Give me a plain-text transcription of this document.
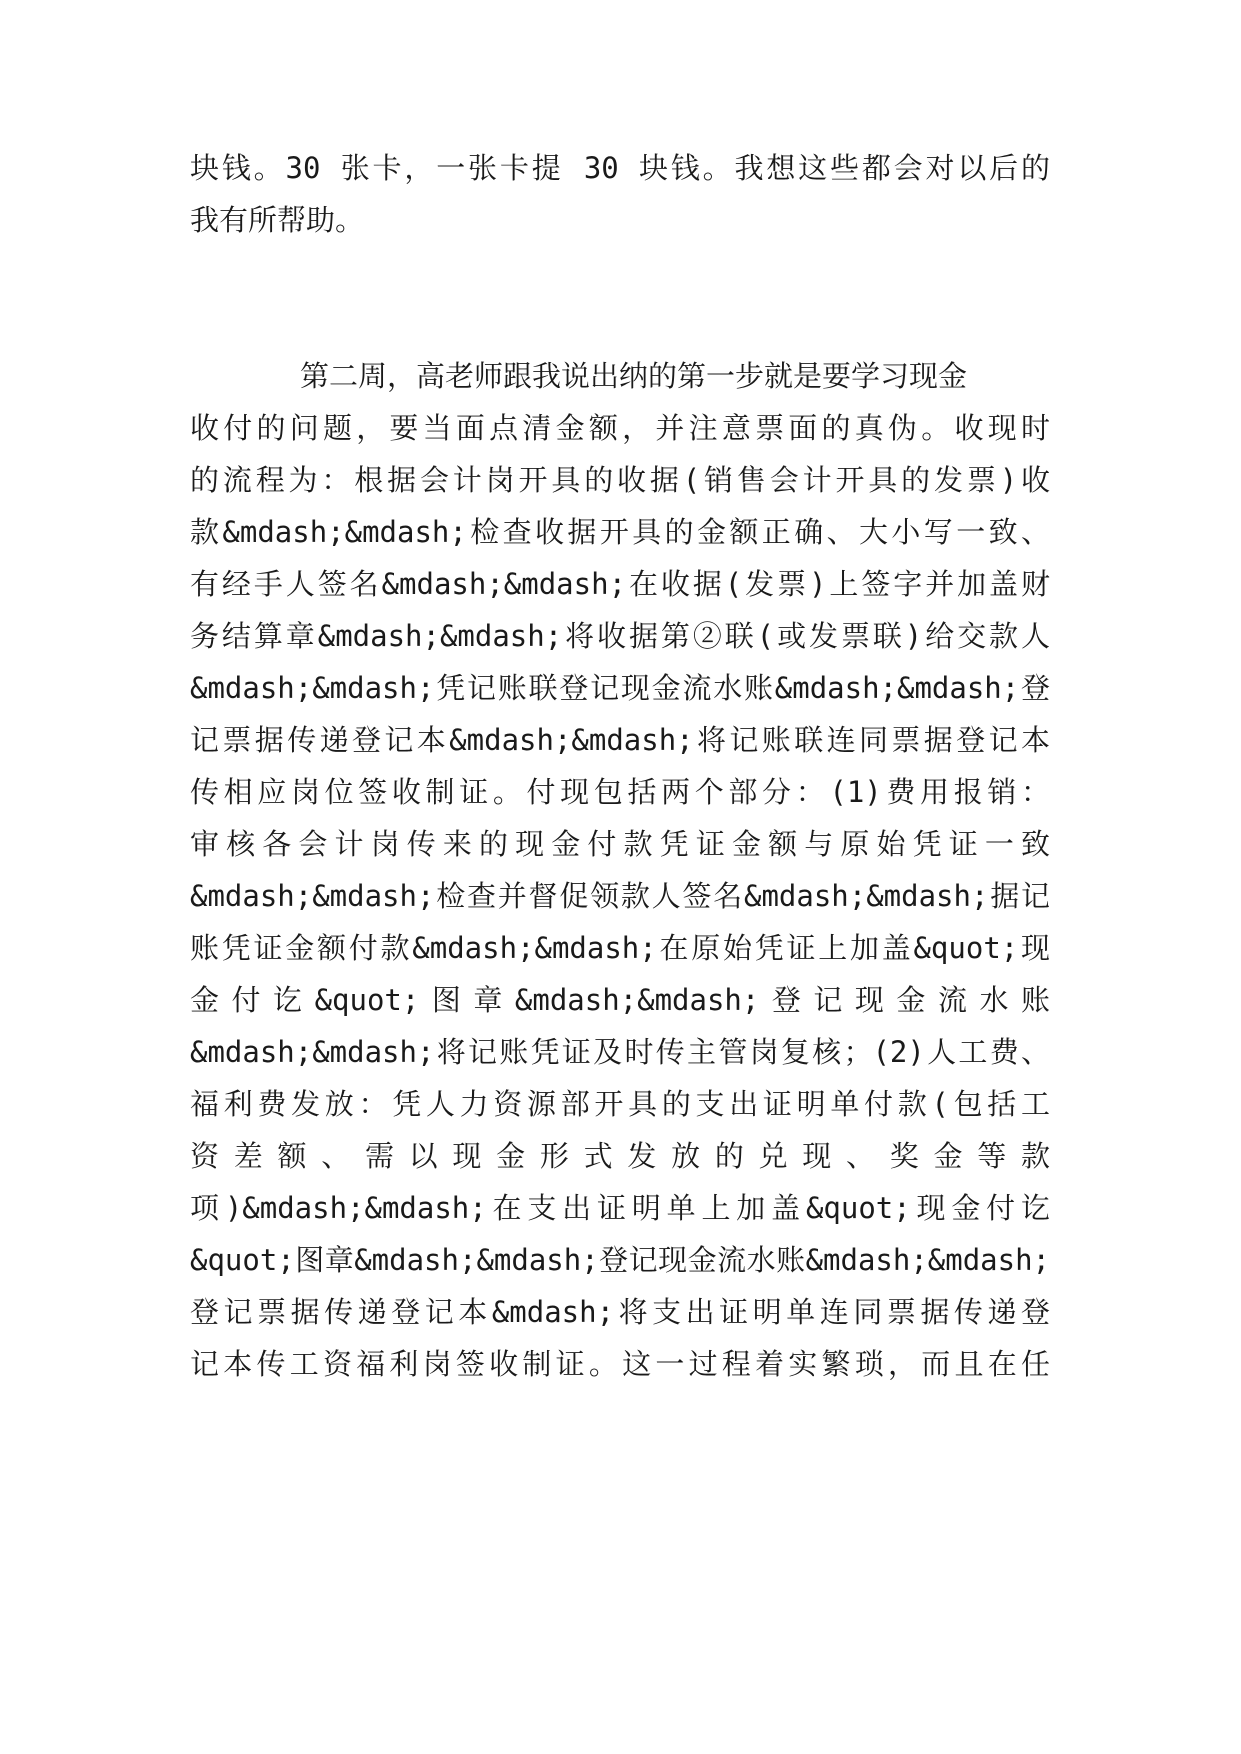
块钱。30 张卡，一张卡提 30 块钱。我想这些都会对以后的

我有所帮助。

第二周，高老师跟我说出纳的第一步就是要学习现金

收付的问题，要当面点清金额，并注意票面的真伪。收现时

的流程为：根据会计岗开具的收据(销售会计开具的发票)收

款&mdash;&mdash;检查收据开具的金额正确、大小写一致、

有经手人签名&mdash;&mdash;在收据(发票)上签字并加盖财

务结算章&mdash;&mdash;将收据第②联(或发票联)给交款人

&mdash;&mdash;凭记账联登记现金流水账&mdash;&mdash;登

记票据传递登记本&mdash;&mdash;将记账联连同票据登记本

传相应岗位签收制证。付现包括两个部分：(1)费用报销：

审核各会计岗传来的现金付款凭证金额与原始凭证一致

&mdash;&mdash;检查并督促领款人签名&mdash;&mdash;据记

账凭证金额付款&mdash;&mdash;在原始凭证上加盖&quot;现

金付讫&quot;图章&mdash;&mdash;登记现金流水账

&mdash;&mdash;将记账凭证及时传主管岗复核；(2)人工费、

福利费发放：凭人力资源部开具的支出证明单付款(包括工

资差额、需以现金形式发放的兑现、奖金等款

项)&mdash;&mdash;在支出证明单上加盖&quot;现金付讫

&quot;图章&mdash;&mdash;登记现金流水账&mdash;&mdash;

登记票据传递登记本&mdash;将支出证明单连同票据传递登

记本传工资福利岗签收制证。这一过程着实繁琐，而且在任
